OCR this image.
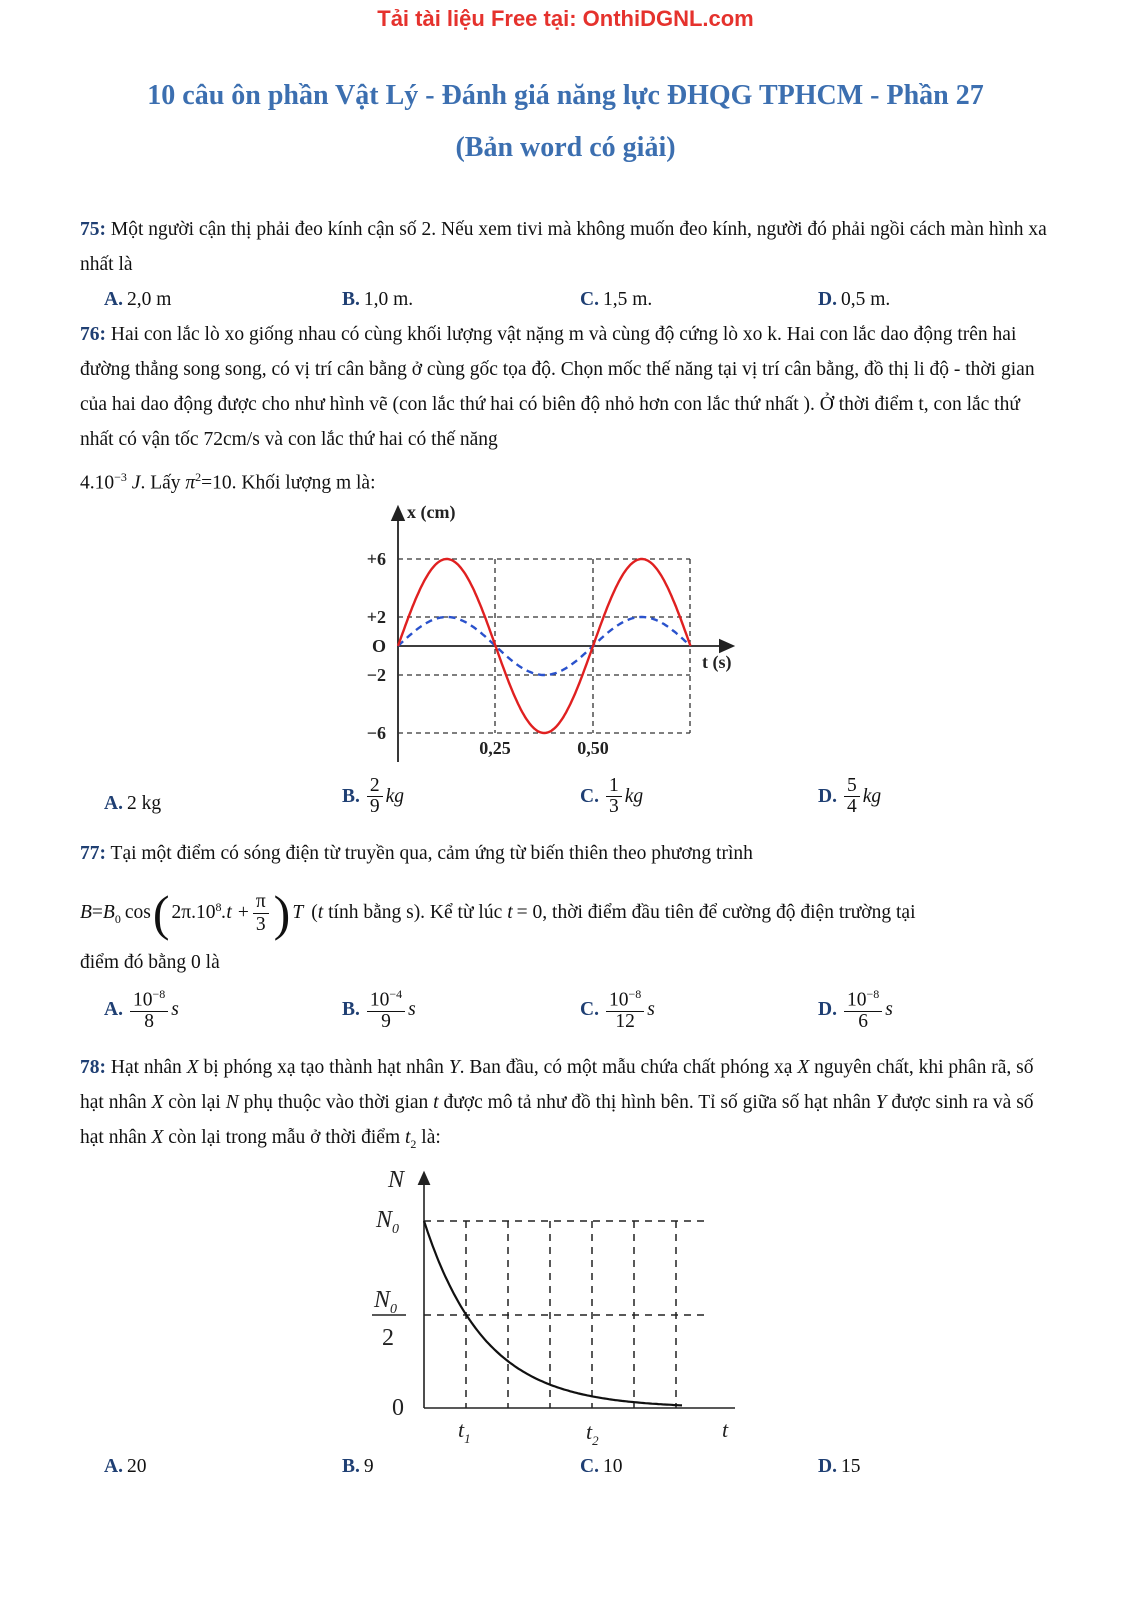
Tải tài liệu Free tại: OnthiDGNL.com
10 câu ôn phần Vật Lý - Đánh giá năng lực ĐHQG TPHCM - Phần 27
(Bản word có giải)
75: Một người cận thị phải đeo kính cận số 2. Nếu xem tivi mà không muốn đeo kính, người đó phải ngồi cách màn hình xa nhất là
A. 2,0 m	B. 1,0 m.	C. 1,5 m.	D. 0,5 m.
76: Hai con lắc lò xo giống nhau có cùng khối lượng vật nặng m và cùng độ cứng lò xo k. Hai con lắc dao động trên hai đường thẳng song song, có vị trí cân bằng ở cùng gốc tọa độ. Chọn mốc thế năng tại vị trí cân bằng, đồ thị li độ - thời gian của hai dao động được cho như hình vẽ (con lắc thứ hai có biên độ nhỏ hơn con lắc thứ nhất ). Ở thời điểm t, con lắc thứ nhất có vận tốc 72cm/s và con lắc thứ hai có thế năng
$4.10^{-3}$ J. Lấy $\pi^2=10$. Khối lượng m là:
x (cm)
+6
+2
O
−2
−6
0,25	0,50
t (s)
A. 2 kg	B. $\frac{2}{9}$ kg	C. $\frac{1}{3}$ kg	D. $\frac{5}{4}$ kg
77: Tại một điểm có sóng điện từ truyền qua, cảm ứng từ biến thiên theo phương trình
$B = B_0$ cos ( $2\pi.10^8$ $.t + \frac{\pi}{3}$ ) T ( t tính bằng s). Kể từ lúc t = 0, thời điểm đầu tiên để cường độ điện trường tại
điểm đó bằng 0 là
A. $\frac{10^{-8}}{8}$ s	B. $\frac{10^{-4}}{9}$ s	C. $\frac{10^{-8}}{12}$ s	D. $\frac{10^{-8}}{6}$ s
78: Hạt nhân X bị phóng xạ tạo thành hạt nhân Y. Ban đầu, có một mẫu chứa chất phóng xạ X nguyên chất, khi phân rã, số hạt nhân X còn lại N phụ thuộc vào thời gian t được mô tả như đồ thị hình bên. Tỉ số giữa số hạt nhân Y được sinh ra và số hạt nhân X còn lại trong mẫu ở thời điểm $t_2$ là:
N
$N_0$
$N_0$
2
0
$t_1$	$t_2$	t
A. 20	B. 9	C. 10	D. 15
